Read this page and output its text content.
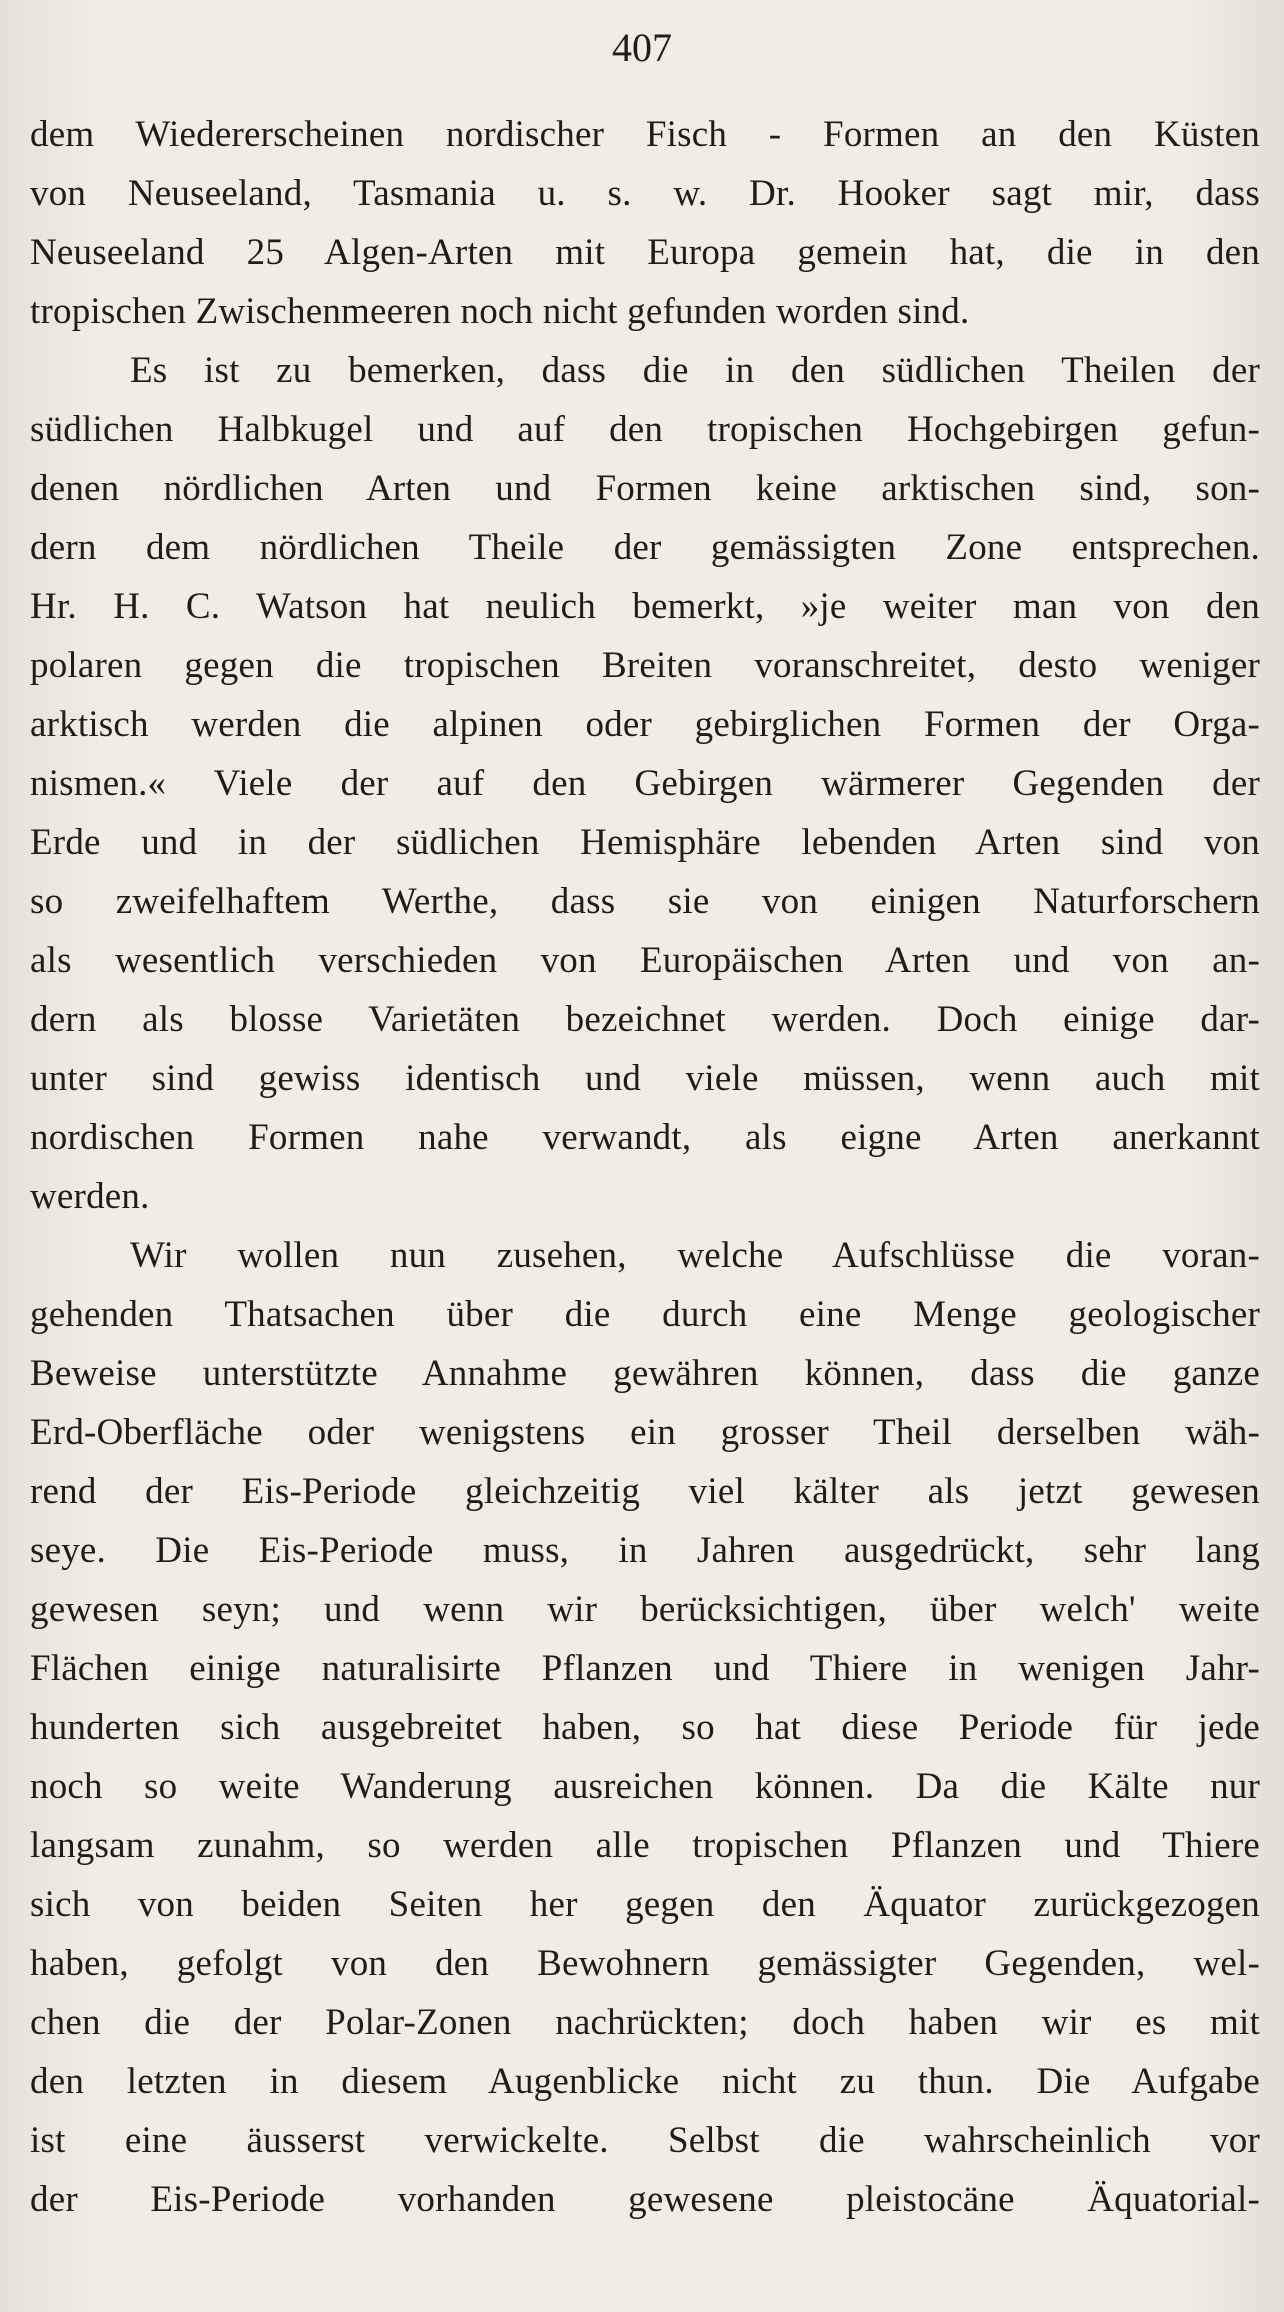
407
dem Wiedererscheinen nordischer Fisch - Formen an den Küsten
von Neuseeland, Tasmania u. s. w. Dr. Hooker sagt mir, dass
Neuseeland 25 Algen-Arten mit Europa gemein hat, die in den
tropischen Zwischenmeeren noch nicht gefunden worden sind.
Es ist zu bemerken, dass die in den südlichen Theilen der
südlichen Halbkugel und auf den tropischen Hochgebirgen gefun-
denen nördlichen Arten und Formen keine arktischen sind, son-
dern dem nördlichen Theile der gemässigten Zone entsprechen.
Hr. H. C. Watson hat neulich bemerkt, »je weiter man von den
polaren gegen die tropischen Breiten voranschreitet, desto weniger
arktisch werden die alpinen oder gebirglichen Formen der Orga-
nismen.« Viele der auf den Gebirgen wärmerer Gegenden der
Erde und in der südlichen Hemisphäre lebenden Arten sind von
so zweifelhaftem Werthe, dass sie von einigen Naturforschern
als wesentlich verschieden von Europäischen Arten und von an-
dern als blosse Varietäten bezeichnet werden. Doch einige dar-
unter sind gewiss identisch und viele müssen, wenn auch mit
nordischen Formen nahe verwandt, als eigne Arten anerkannt
werden.
Wir wollen nun zusehen, welche Aufschlüsse die voran-
gehenden Thatsachen über die durch eine Menge geologischer
Beweise unterstützte Annahme gewähren können, dass die ganze
Erd-Oberfläche oder wenigstens ein grosser Theil derselben wäh-
rend der Eis-Periode gleichzeitig viel kälter als jetzt gewesen
seye. Die Eis-Periode muss, in Jahren ausgedrückt, sehr lang
gewesen seyn; und wenn wir berücksichtigen, über welch' weite
Flächen einige naturalisirte Pflanzen und Thiere in wenigen Jahr-
hunderten sich ausgebreitet haben, so hat diese Periode für jede
noch so weite Wanderung ausreichen können. Da die Kälte nur
langsam zunahm, so werden alle tropischen Pflanzen und Thiere
sich von beiden Seiten her gegen den Äquator zurückgezogen
haben, gefolgt von den Bewohnern gemässigter Gegenden, wel-
chen die der Polar-Zonen nachrückten; doch haben wir es mit
den letzten in diesem Augenblicke nicht zu thun. Die Aufgabe
ist eine äusserst verwickelte. Selbst die wahrscheinlich vor
der Eis-Periode vorhanden gewesene pleistocäne Äquatorial-
